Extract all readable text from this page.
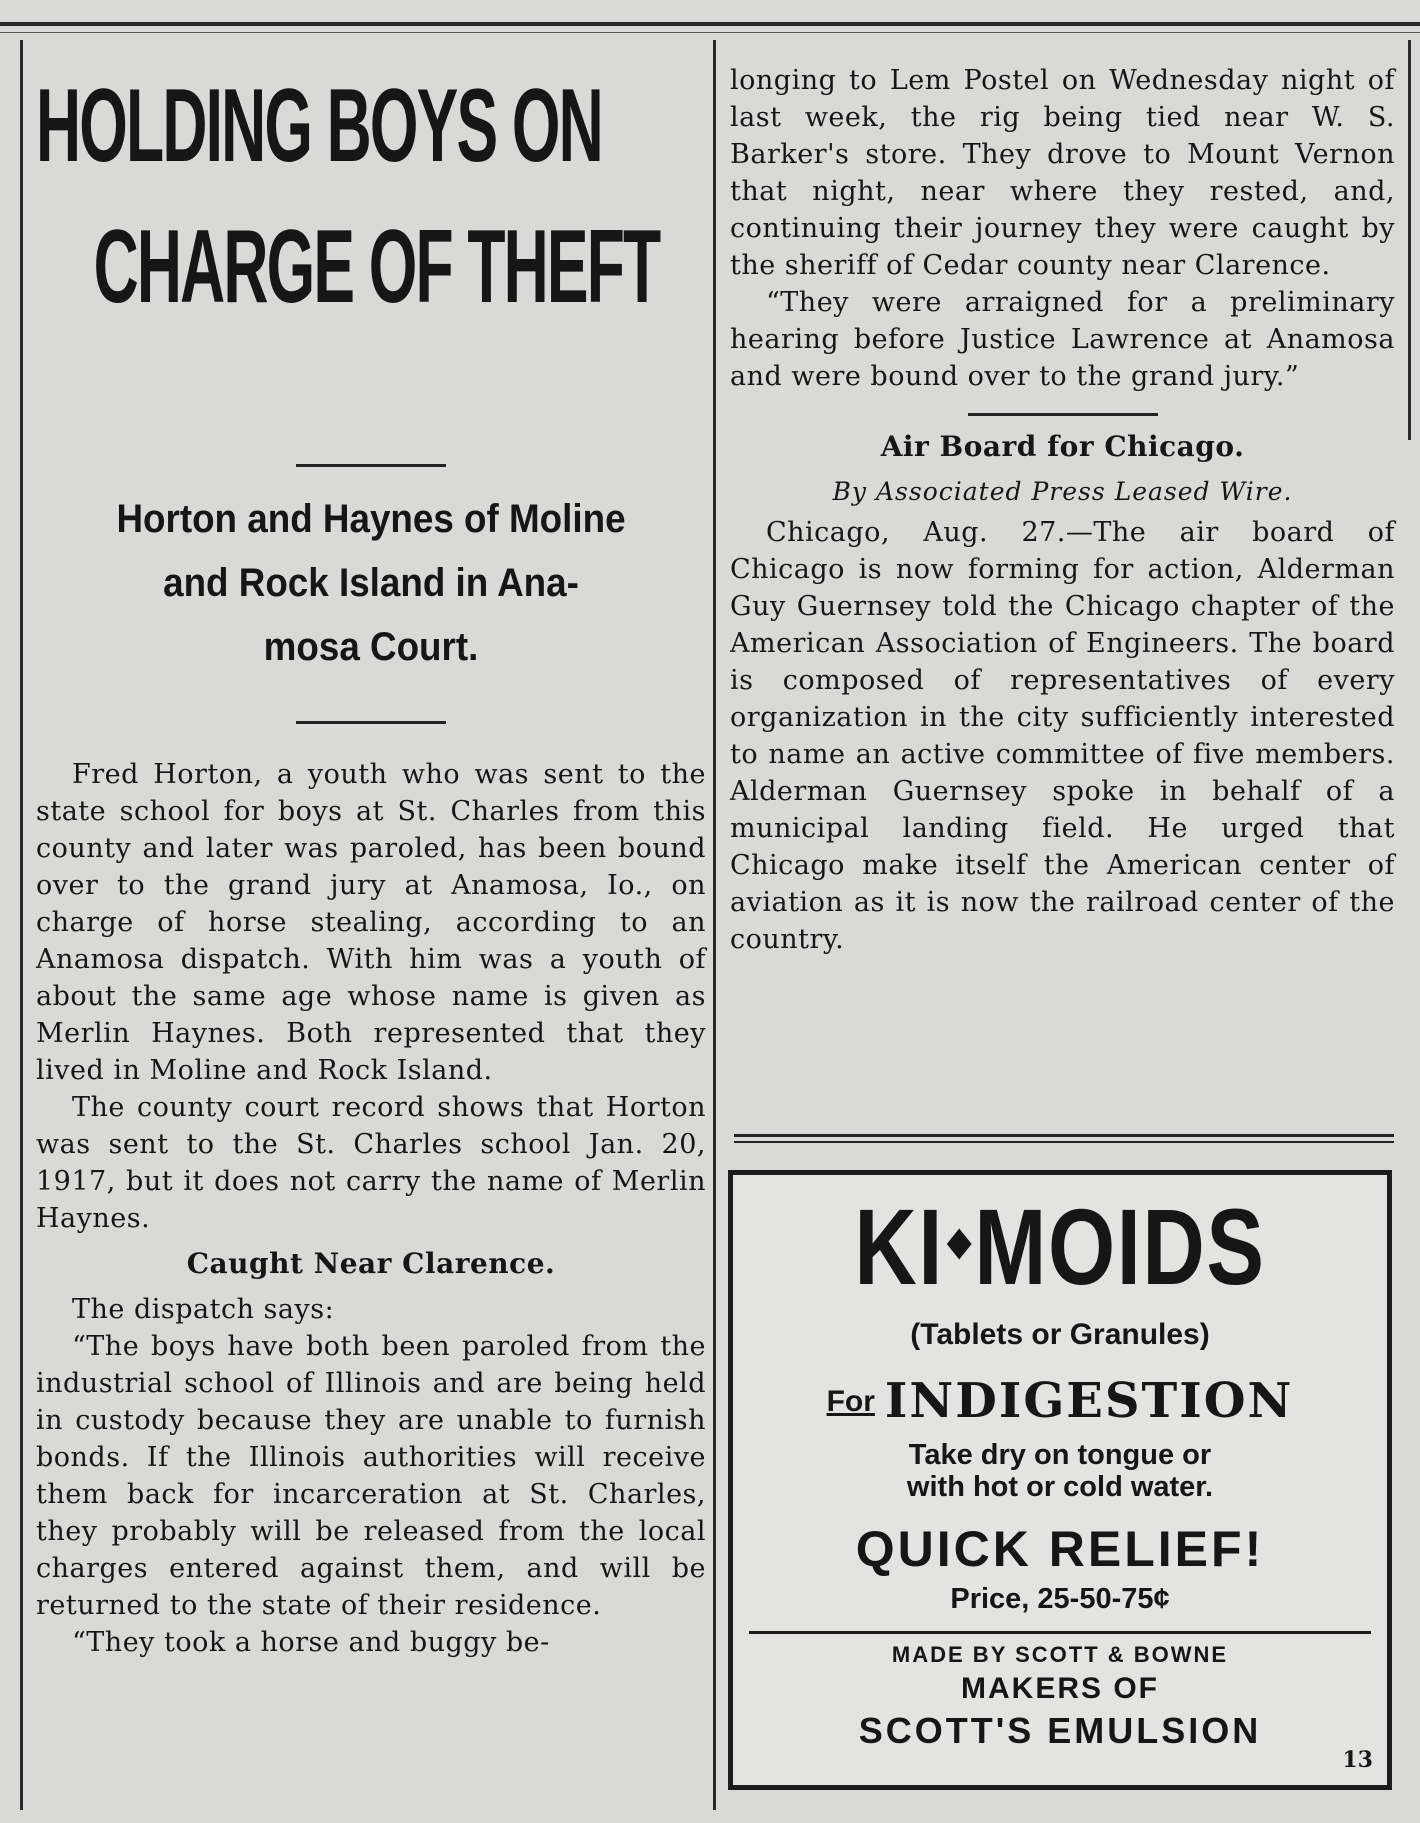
HOLDING BOYS ON
CHARGE OF THEFT
Horton and Haynes of Moline
and Rock Island in Ana-
mosa Court.

Fred Horton, a youth who was sent to the state school for boys at St. Charles from this county and later was paroled, has been bound over to the grand jury at Anamosa, Io., on charge of horse stealing, according to an Anamosa dispatch. With him was a youth of about the same age whose name is given as Merlin Haynes. Both represented that they lived in Moline and Rock Island.

The county court record shows that Horton was sent to the St. Charles school Jan. 20, 1917, but it does not carry the name of Merlin Haynes.

Caught Near Clarence.

The dispatch says:

“The boys have both been paroled from the industrial school of Illinois and are being held in custody because they are unable to furnish bonds. If the Illinois authorities will receive them back for incarceration at St. Charles, they probably will be released from the local charges entered against them, and will be returned to the state of their residence.

“They took a horse and buggy be-

longing to Lem Postel on Wednesday night of last week, the rig being tied near W. S. Barker's store. They drove to Mount Vernon that night, near where they rested, and, continuing their journey they were caught by the sheriff of Cedar county near Clarence.

“They were arraigned for a preliminary hearing before Justice Lawrence at Anamosa and were bound over to the grand jury.”

Air Board for Chicago.
By Associated Press Leased Wire.

Chicago, Aug. 27.—The air board of Chicago is now forming for action, Alderman Guy Guernsey told the Chicago chapter of the American Association of Engineers. The board is composed of representatives of every organization in the city sufficiently interested to name an active committee of five members. Alderman Guernsey spoke in behalf of a municipal landing field. He urged that Chicago make itself the American center of aviation as it is now the railroad center of the country.

KI MOIDS
(Tablets or Granules)
For INDIGESTION
Take dry on tongue or
with hot or cold water.
QUICK RELIEF!
Price, 25-50-75¢
MADE BY SCOTT & BOWNE
MAKERS OF
SCOTT'S EMULSION
13
